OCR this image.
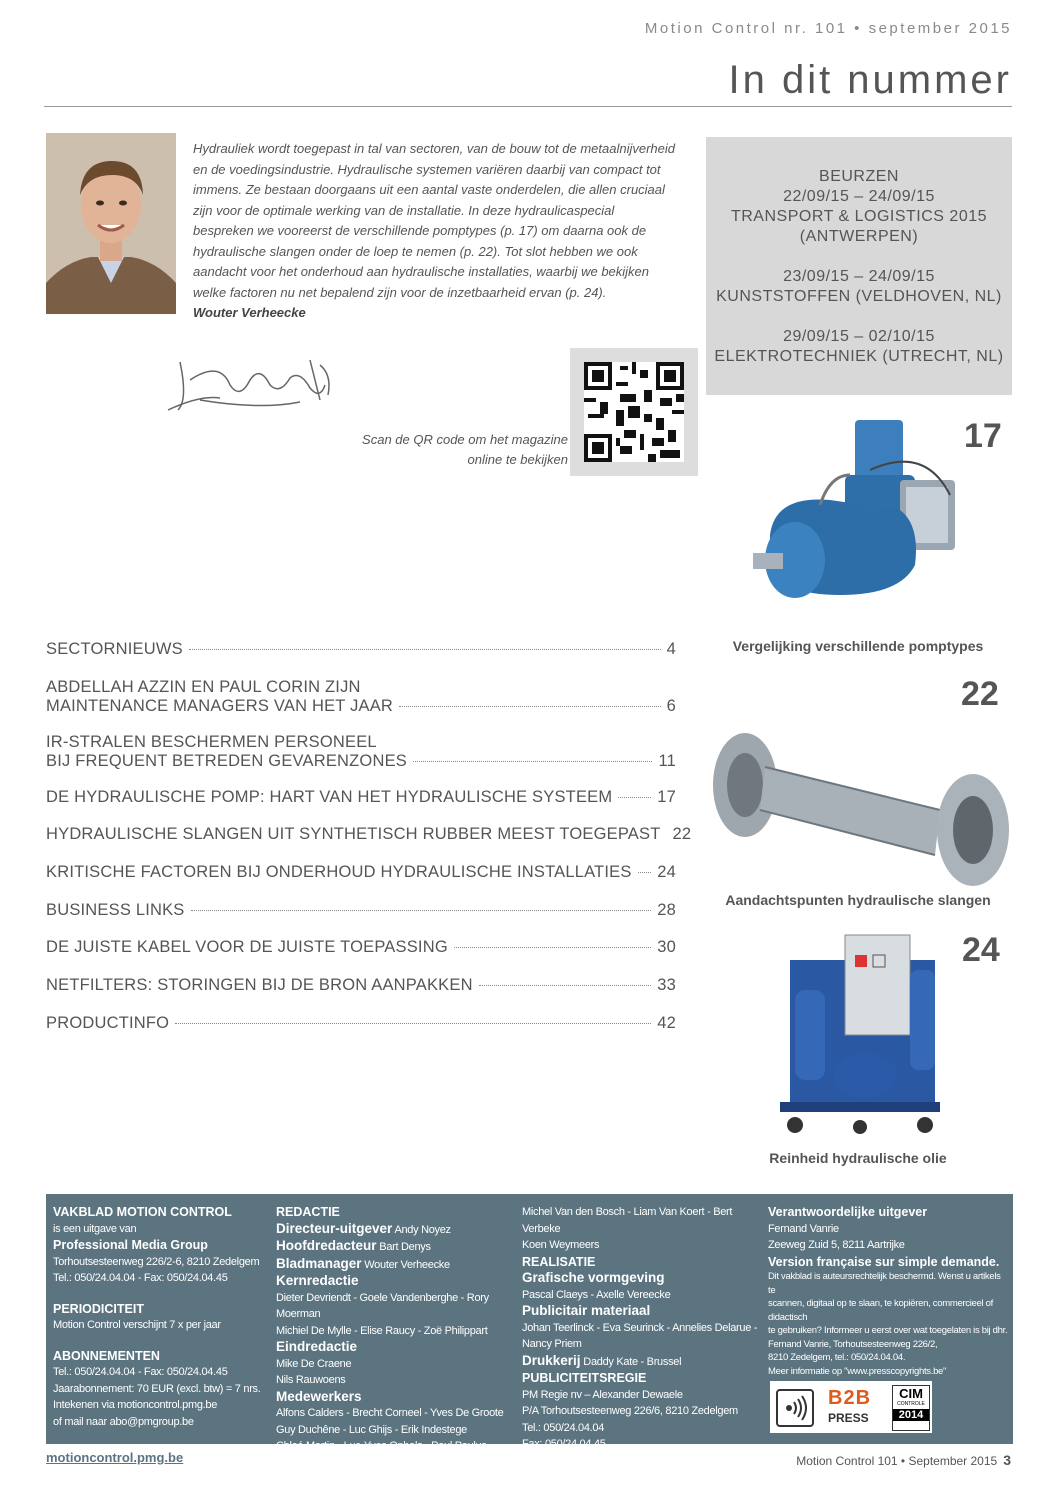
Motion Control nr. 101 • september 2015
In dit nummer
Hydrauliek wordt toegepast in tal van sectoren, van de bouw tot de metaalnijverheid en de voedingsindustrie. Hydraulische systemen variëren daarbij van compact tot immens. Ze bestaan doorgaans uit een aantal vaste onderdelen, die allen cruciaal zijn voor de optimale werking van de installatie. In deze hydraulicaspecial bespreken we vooreerst de verschillende pomptypes (p. 17) om daarna ook de hydraulische slangen onder de loep te nemen (p. 22). Tot slot hebben we ook aandacht voor het onderhoud aan hydraulische installaties, waarbij we bekijken welke factoren nu net bepalend zijn voor de inzetbaarheid ervan (p. 24).
Wouter Verheecke
Scan de QR code om het magazine online te bekijken
BEURZEN
22/09/15 – 24/09/15
TRANSPORT & LOGISTICS 2015
(ANTWERPEN)
23/09/15 – 24/09/15
KUNSTSTOFFEN (VELDHOVEN, NL)
29/09/15 – 02/10/15
ELEKTROTECHNIEK (UTRECHT, NL)
17
Vergelijking verschillende pomptypes
22
Aandachtspunten hydraulische slangen
24
Reinheid hydraulische olie
SECTORNIEUWS	4
ABDELLAH AZZIN EN PAUL CORIN ZIJN
MAINTENANCE MANAGERS VAN HET JAAR	6
IR-STRALEN BESCHERMEN PERSONEEL
BIJ FREQUENT BETREDEN GEVARENZONES	11
DE HYDRAULISCHE POMP: HART VAN HET HYDRAULISCHE SYSTEEM	17
HYDRAULISCHE SLANGEN UIT SYNTHETISCH RUBBER MEEST TOEGEPAST 22
KRITISCHE FACTOREN BIJ ONDERHOUD HYDRAULISCHE INSTALLATIES 24
BUSINESS LINKS	28
DE JUISTE KABEL VOOR DE JUISTE TOEPASSING	30
NETFILTERS: STORINGEN BIJ DE BRON AANPAKKEN	33
PRODUCTINFO	42
VAKBLAD MOTION CONTROL
is een uitgave van
Professional Media Group
Torhoutsesteenweg 226/2-6, 8210 Zedelgem
Tel.: 050/24.04.04 - Fax: 050/24.04.45
PERIODICITEIT
Motion Control verschijnt 7 x per jaar
ABONNEMENTEN
Tel.: 050/24.04.04 - Fax: 050/24.04.45
Jaarabonnement: 70 EUR (excl. btw) = 7 nrs.
Intekenen via motioncontrol.pmg.be
of mail naar abo@pmgroup.be
REDACTIE
Directeur-uitgever Andy Noyez
Hoofdredacteur Bart Denys
Bladmanager Wouter Verheecke
Kernredactie
Dieter Devriendt - Goele Vandenberghe - Rory Moerman
Michiel De Mylle - Elise Raucy - Zoë Philippart
Eindredactie
Mike De Craene
Nils Rauwoens
Medewerkers
Alfons Calders - Brecht Corneel - Yves De Groote
Guy Duchêne - Luc Ghijs - Erik Indestege
Chloé Martin - Luc-Yves Ophals - Paul Paulus
Michel Van den Bosch - Liam Van Koert - Bert Verbeke
Koen Weymeers
REALISATIE
Grafische vormgeving
Pascal Claeys - Axelle Vereecke
Publicitair materiaal
Johan Teerlinck - Eva Seurinck - Annelies Delarue -
Nancy Priem
Drukkerij Daddy Kate - Brussel
PUBLICITEITSREGIE
PM Regie nv – Alexander Dewaele
P/A Torhoutsesteenweg 226/6, 8210 Zedelgem
Tel.: 050/24.04.04
Fax: 050/24.04.45
Verantwoordelijke uitgever
Fernand Vanrie
Zeeweg Zuid 5, 8211 Aartrijke
Version française sur simple demande.
Dit vakblad is auteursrechtelijk beschermd. Wenst u artikels te
scannen, digitaal op te slaan, te kopiëren, commercieel of didactisch
te gebruiken? Informeer u eerst over wat toegelaten is bij dhr.
Fernand Vanrie, Torhoutsesteenweg 226/2,
8210 Zedelgem, tel.: 050/24.04.04.
Meer informatie op "www.presscopyrights.be"
B2B
PRESS
CIM
CONTROLE
2014
motioncontrol.pmg.be	Motion Control 101 • September 2015 3
